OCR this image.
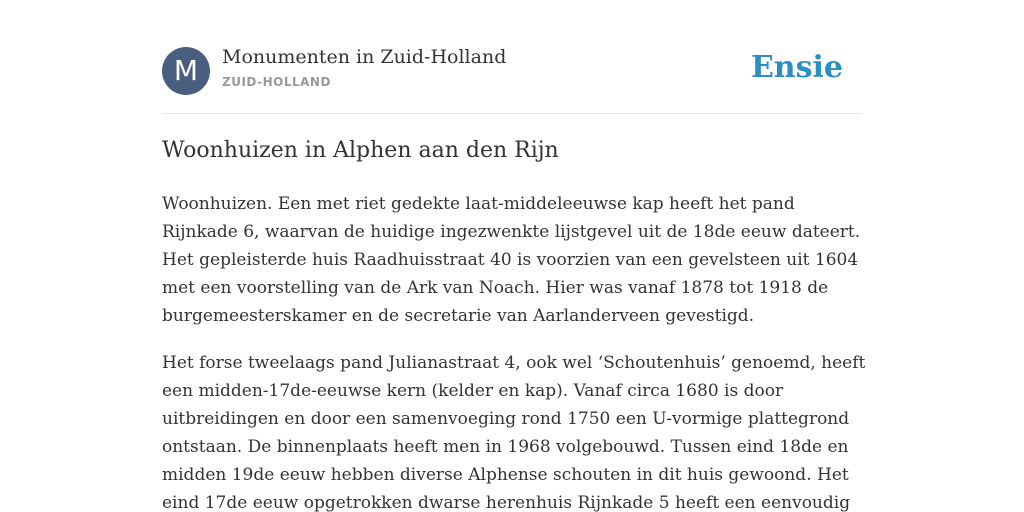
M	Monumenten in Zuid-Holland
ZUID-HOLLAND	Ensie
Woonhuizen in Alphen aan den Rijn

Woonhuizen. Een met riet gedekte laat-middeleeuwse kap heeft het pand
Rijnkade 6, waarvan de huidige ingezwenkte lijstgevel uit de 18de eeuw dateert.
Het gepleisterde huis Raadhuisstraat 40 is voorzien van een gevelsteen uit 1604
met een voorstelling van de Ark van Noach. Hier was vanaf 1878 tot 1918 de
burgemeesterskamer en de secretarie van Aarlanderveen gevestigd.

Het forse tweelaags pand Julianastraat 4, ook wel ‘Schoutenhuis’ genoemd, heeft
een midden-17de-eeuwse kern (kelder en kap). Vanaf circa 1680 is door
uitbreidingen en door een samenvoeging rond 1750 een U-vormige plattegrond
ontstaan. De binnenplaats heeft men in 1968 volgebouwd. Tussen eind 18de en
midden 19de eeuw hebben diverse Alphense schouten in dit huis gewoond. Het
eind 17de eeuw opgetrokken dwarse herenhuis Rijnkade 5 heeft een eenvoudig
